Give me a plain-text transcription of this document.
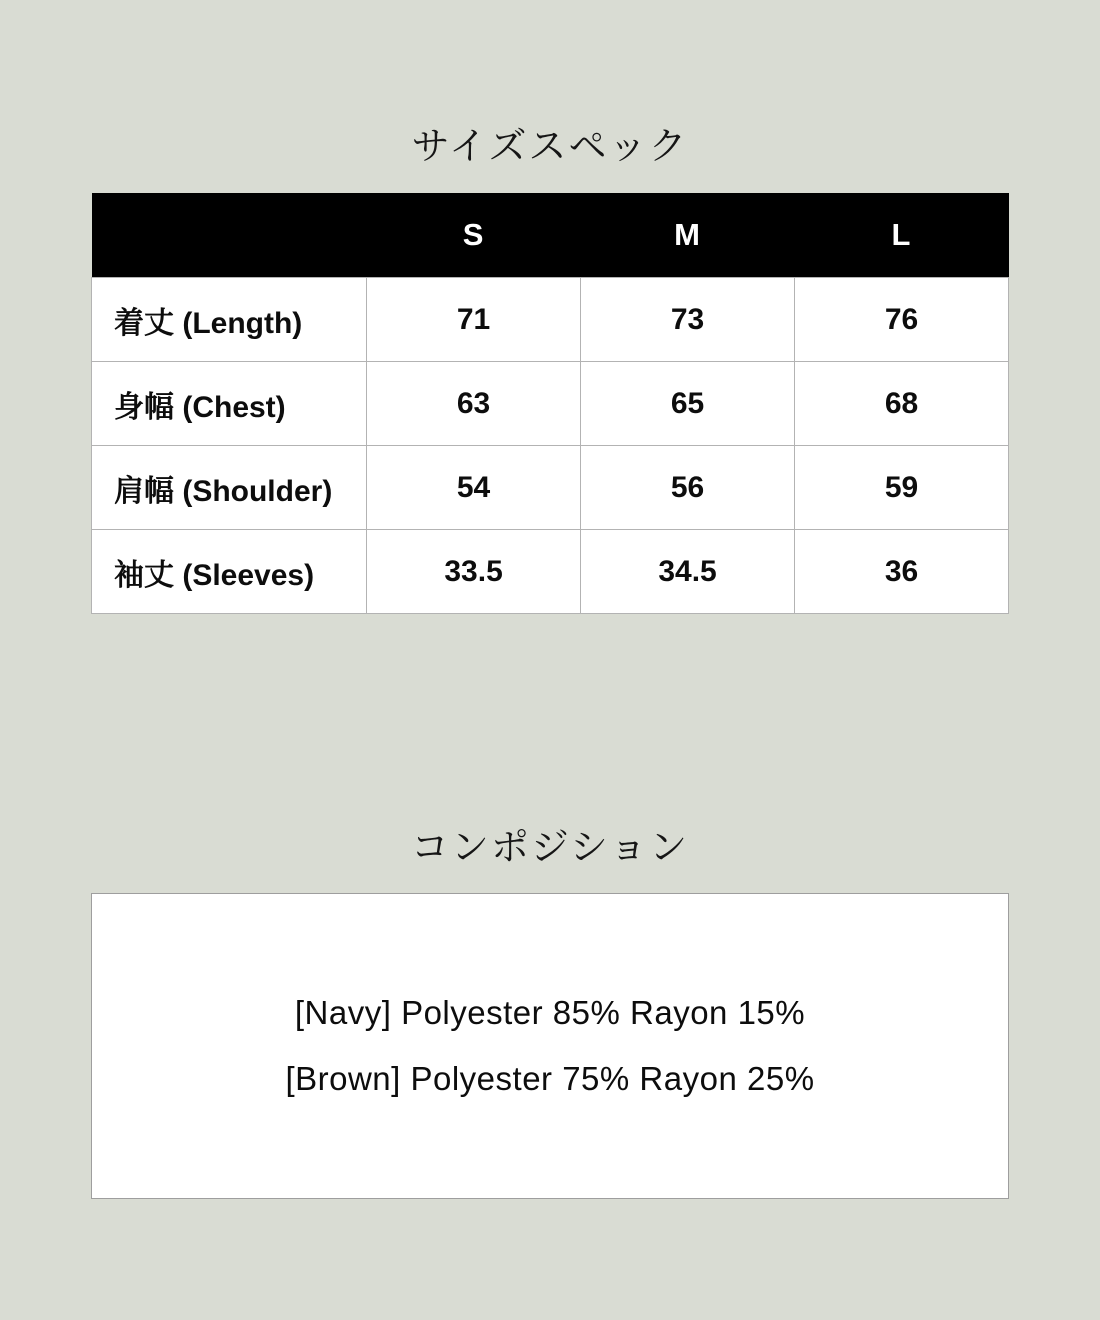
サイズスペック
	S	M	L
着丈 (Length)	71	73	76
身幅 (Chest)	63	65	68
肩幅 (Shoulder)	54	56	59
袖丈 (Sleeves)	33.5	34.5	36
コンポジション
[Navy] Polyester 85% Rayon 15%
[Brown] Polyester 75% Rayon 25%
